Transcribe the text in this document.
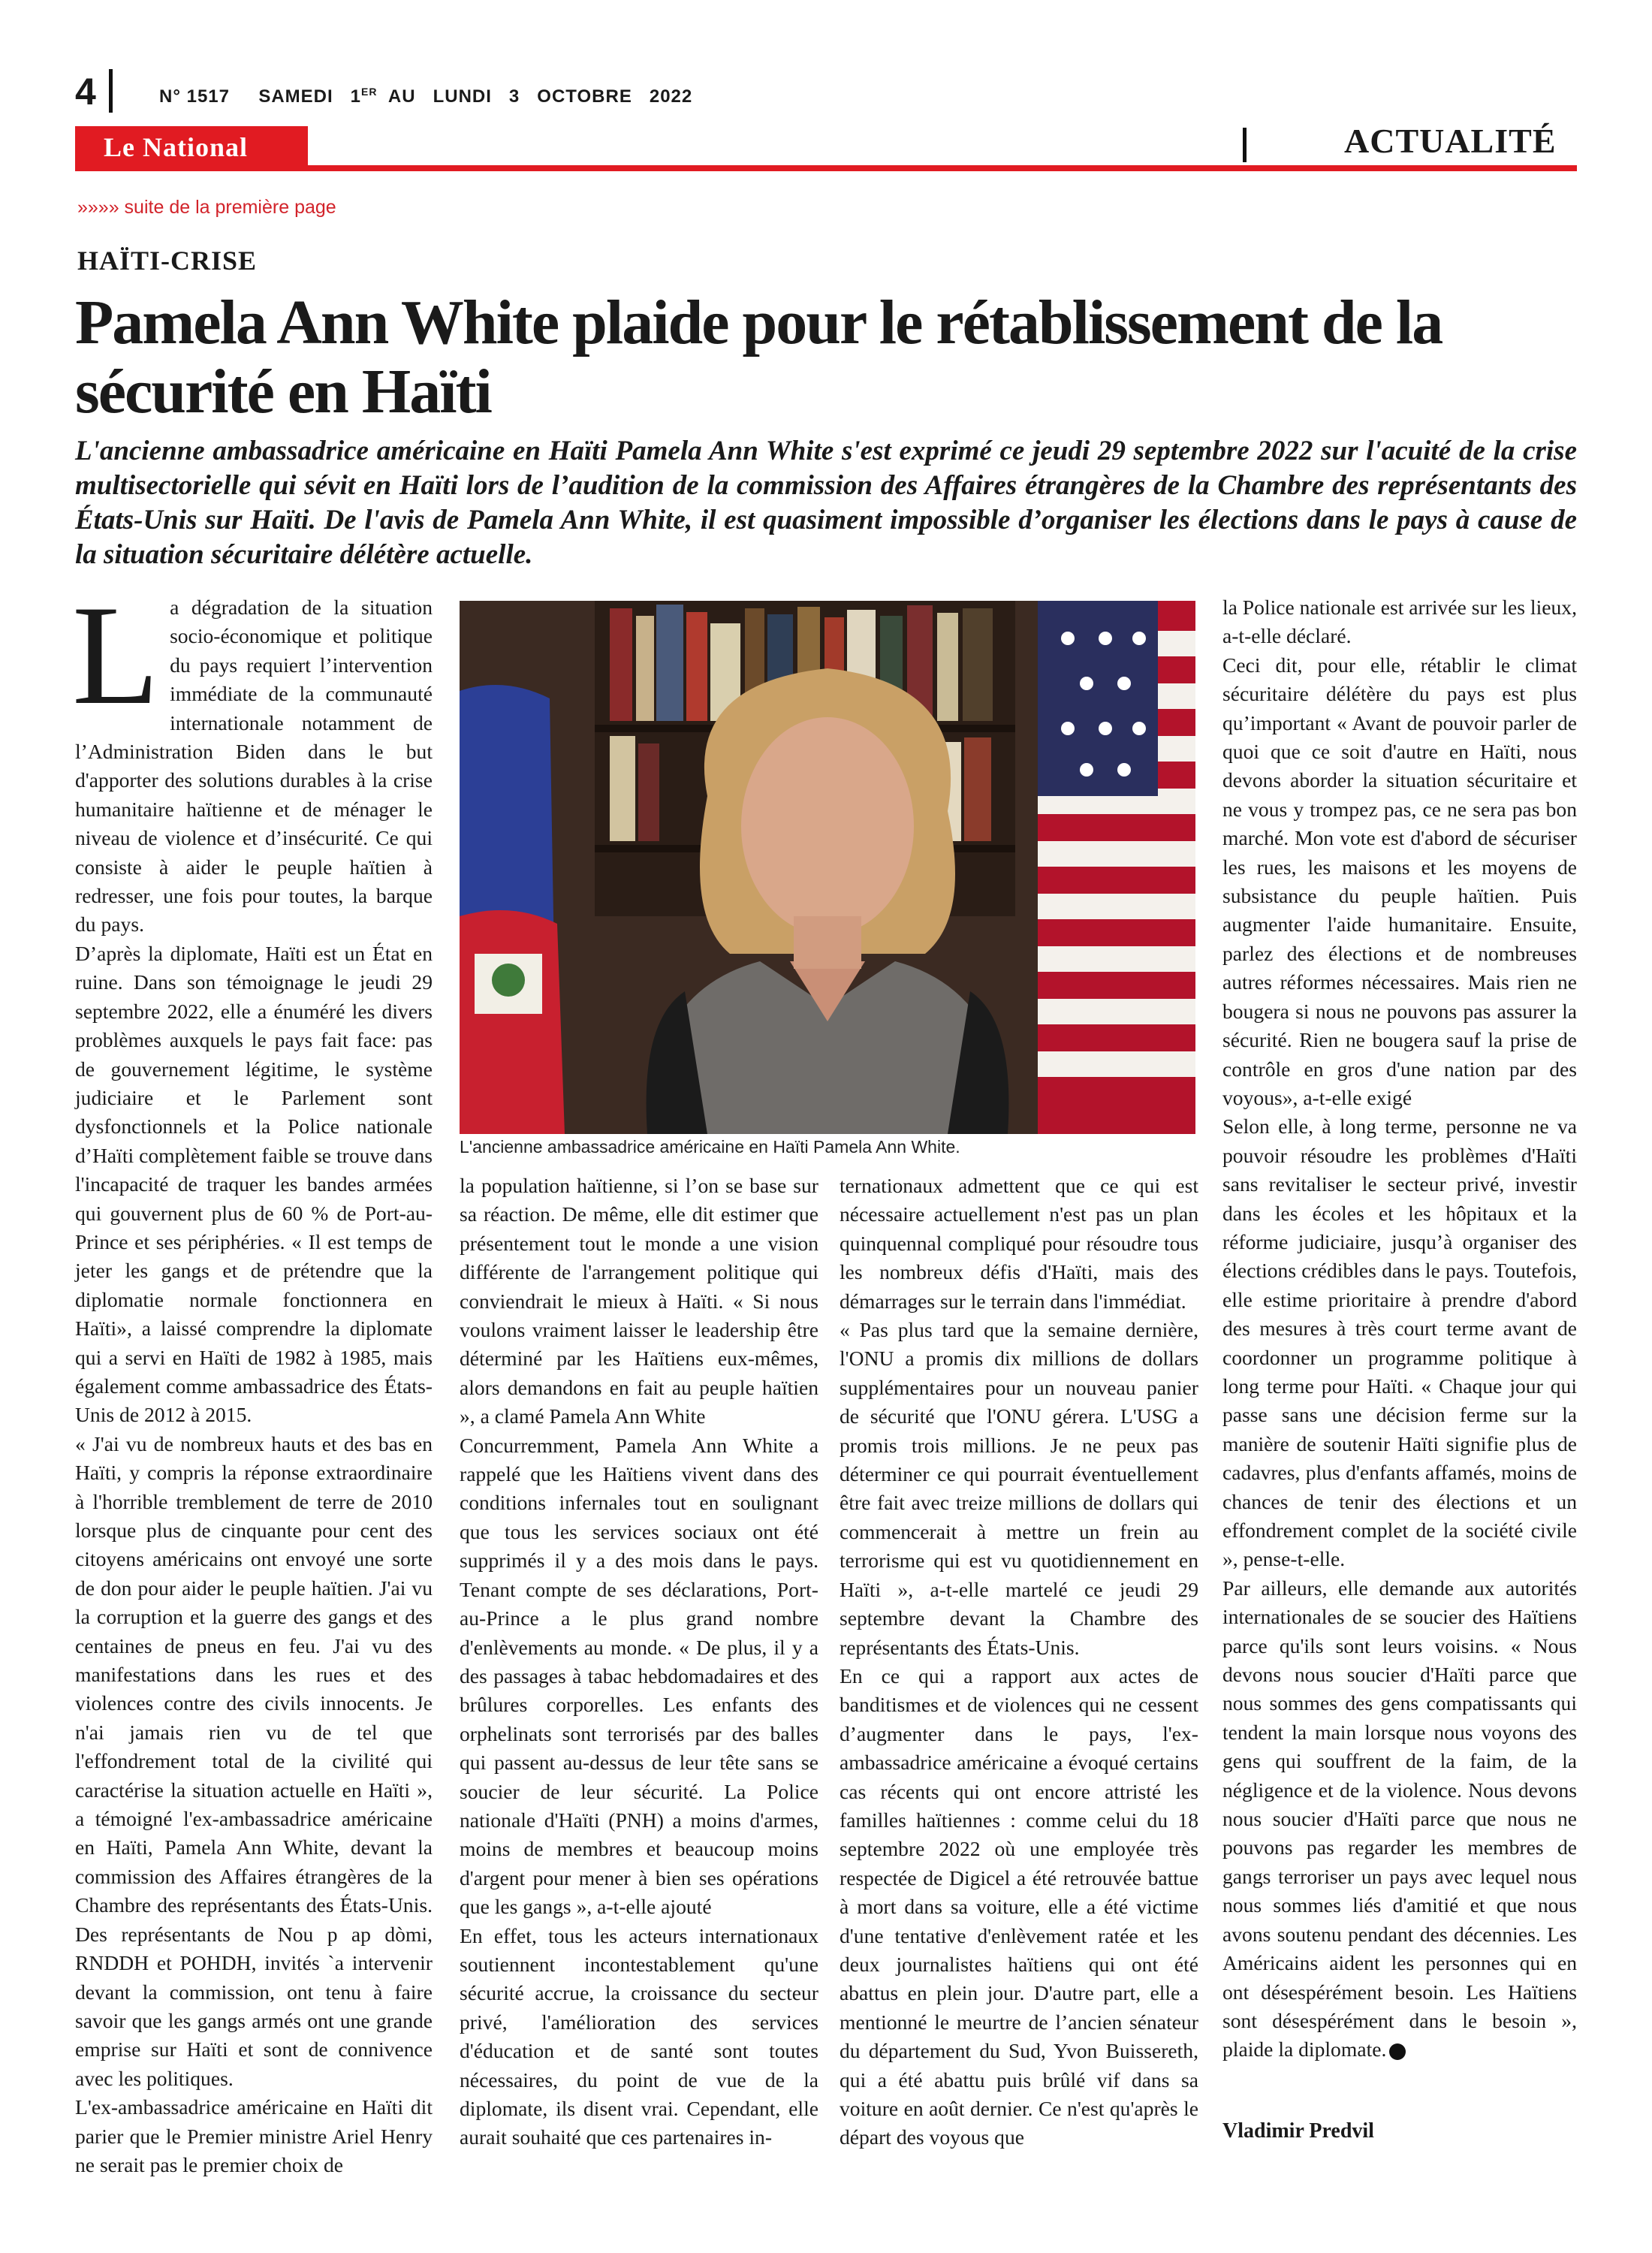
4	N° 1517     SAMEDI   1ER  AU   LUNDI   3   OCTOBRE   2022
Le National	ACTUALITÉ
»»»» suite de la première page
HAÏTI-CRISE
Pamela Ann White plaide pour le rétablissement de la sécurité en Haïti

L'ancienne ambassadrice américaine en Haïti Pamela Ann White s'est exprimé ce jeudi 29 septembre 2022 sur l'acuité de la crise multisectorielle qui sévit en Haïti lors de l’audition de la commission des Affaires étrangères de la Chambre des représentants des États-Unis sur Haïti. De l'avis de Pamela Ann White, il est quasiment impossible d’organiser les élections dans le pays à cause de la situation sécuritaire délétère actuelle.

L'ancienne ambassadrice américaine en Haïti Pamela Ann White.
L a dégradation de la situation socio-économique et politique du pays requiert l’intervention immédiate de la communauté internationale notamment de l’Administration Biden dans le but d'apporter des solutions durables à la crise humanitaire haïtienne et de ménager le niveau de violence et d’insécurité. Ce qui consiste à aider le peuple haïtien à redresser, une fois pour toutes, la barque du pays.

D’après la diplomate, Haïti est un État en ruine. Dans son témoignage le jeudi 29 septembre 2022, elle a énuméré les divers problèmes auxquels le pays fait face: pas de gouvernement légitime, le système judiciaire et le Parlement sont dysfonctionnels et la Police nationale d’Haïti complètement faible se trouve dans l'incapacité de traquer les bandes armées qui gouvernent plus de 60 % de Port-au-Prince et ses périphéries. « Il est temps de jeter les gangs et de prétendre que la diplomatie normale fonctionnera en Haïti», a laissé comprendre la diplomate qui a servi en Haïti de 1982 à 1985, mais également comme ambassadrice des États-Unis de 2012 à 2015.

« J'ai vu de nombreux hauts et des bas en Haïti, y compris la réponse extraordinaire à l'horrible tremblement de terre de 2010 lorsque plus de cinquante pour cent des citoyens américains ont envoyé une sorte de don pour aider le peuple haïtien. J'ai vu la corruption et la guerre des gangs et des centaines de pneus en feu. J'ai vu des manifestations dans les rues et des violences contre des civils innocents. Je n'ai jamais rien vu de tel que l'effondrement total de la civilité qui caractérise la situation actuelle en Haïti », a témoigné l'ex-ambassadrice américaine en Haïti, Pamela Ann White, devant la commission des Affaires étrangères de la Chambre des représentants des États-Unis. Des représentants de Nou p ap dòmi, RNDDH et POHDH, invités `a intervenir devant la commission, ont tenu à faire savoir que les gangs armés ont une grande emprise sur Haïti et sont de connivence avec les politiques.

L'ex-ambassadrice américaine en Haïti dit parier que le Premier ministre Ariel Henry ne serait pas le premier choix de

la population haïtienne, si l’on se base sur sa réaction. De même, elle dit estimer que présentement tout le monde a une vision différente de l'arrangement politique qui conviendrait le mieux à Haïti. « Si nous voulons vraiment laisser le leadership être déterminé par les Haïtiens eux-mêmes, alors demandons en fait au peuple haïtien », a clamé Pamela Ann White

Concurremment, Pamela Ann White a rappelé que les Haïtiens vivent dans des conditions infernales tout en soulignant que tous les services sociaux ont été supprimés il y a des mois dans le pays. Tenant compte de ses déclarations, Port-au-Prince a le plus grand nombre d'enlèvements au monde. « De plus, il y a des passages à tabac hebdomadaires et des brûlures corporelles. Les enfants des orphelinats sont terrorisés par des balles qui passent au-dessus de leur tête sans se soucier de leur sécurité. La Police nationale d'Haïti (PNH) a moins d'armes, moins de membres et beaucoup moins d'argent pour mener à bien ses opérations que les gangs », a-t-elle ajouté

En effet, tous les acteurs internationaux soutiennent incontestablement qu'une sécurité accrue, la croissance du secteur privé, l'amélioration des services d'éducation et de santé sont toutes nécessaires, du point de vue de la diplomate, ils disent vrai. Cependant, elle aurait souhaité que ces partenaires in-

ternationaux admettent que ce qui est nécessaire actuellement n'est pas un plan quinquennal compliqué pour résoudre tous les nombreux défis d'Haïti, mais des démarrages sur le terrain dans l'immédiat.

« Pas plus tard que la semaine dernière, l'ONU a promis dix millions de dollars supplémentaires pour un nouveau panier de sécurité que l'ONU gérera. L'USG a promis trois millions. Je ne peux pas déterminer ce qui pourrait éventuellement être fait avec treize millions de dollars qui commencerait à mettre un frein au terrorisme qui est vu quotidiennement en Haïti », a-t-elle martelé ce jeudi 29 septembre devant la Chambre des représentants des États-Unis.

En ce qui a rapport aux actes de banditismes et de violences qui ne cessent d’augmenter dans le pays, l'ex-ambassadrice américaine a évoqué certains cas récents qui ont encore attristé les familles haïtiennes : comme celui du 18 septembre 2022 où une employée très respectée de Digicel a été retrouvée battue à mort dans sa voiture, elle a été victime d'une tentative d'enlèvement ratée et les deux journalistes haïtiens qui ont été abattus en plein jour. D'autre part, elle a mentionné le meurtre de l’ancien sénateur du département du Sud, Yvon Buissereth, qui a été abattu puis brûlé vif dans sa voiture en août dernier. Ce n'est qu'après le départ des voyous que

la Police nationale est arrivée sur les lieux, a-t-elle déclaré.

Ceci dit, pour elle, rétablir le climat sécuritaire délétère du pays est plus qu’important « Avant de pouvoir parler de quoi que ce soit d'autre en Haïti, nous devons aborder la situation sécuritaire et ne vous y trompez pas, ce ne sera pas bon marché. Mon vote est d'abord de sécuriser les rues, les maisons et les moyens de subsistance du peuple haïtien. Puis augmenter l'aide humanitaire. Ensuite, parlez des élections et de nombreuses autres réformes nécessaires. Mais rien ne bougera si nous ne pouvons pas assurer la sécurité. Rien ne bougera sauf la prise de contrôle en gros d'une nation par des voyous», a-t-elle exigé

Selon elle, à long terme, personne ne va pouvoir résoudre les problèmes d'Haïti sans revitaliser le secteur privé, investir dans les écoles et les hôpitaux et la réforme judiciaire, jusqu’à organiser des élections crédibles dans le pays. Toutefois, elle estime prioritaire à prendre d'abord des mesures à très court terme avant de coordonner un programme politique à long terme pour Haïti. « Chaque jour qui passe sans une décision ferme sur la manière de soutenir Haïti signifie plus de cadavres, plus d'enfants affamés, moins de chances de tenir des élections et un effondrement complet de la société civile », pense-t-elle.

Par ailleurs, elle demande aux autorités internationales de se soucier des Haïtiens parce qu'ils sont leurs voisins. « Nous devons nous soucier d'Haïti parce que nous sommes des gens compatissants qui tendent la main lorsque nous voyons des gens qui souffrent de la faim, de la négligence et de la violence. Nous devons nous soucier d'Haïti parce que nous ne pouvons pas regarder les membres de gangs terroriser un pays avec lequel nous nous sommes liés d'amitié et que nous avons soutenu pendant des décennies. Les Américains aident les personnes qui en ont désespérément besoin. Les Haïtiens sont désespérément dans le besoin », plaide la diplomate.

Vladimir Predvil
